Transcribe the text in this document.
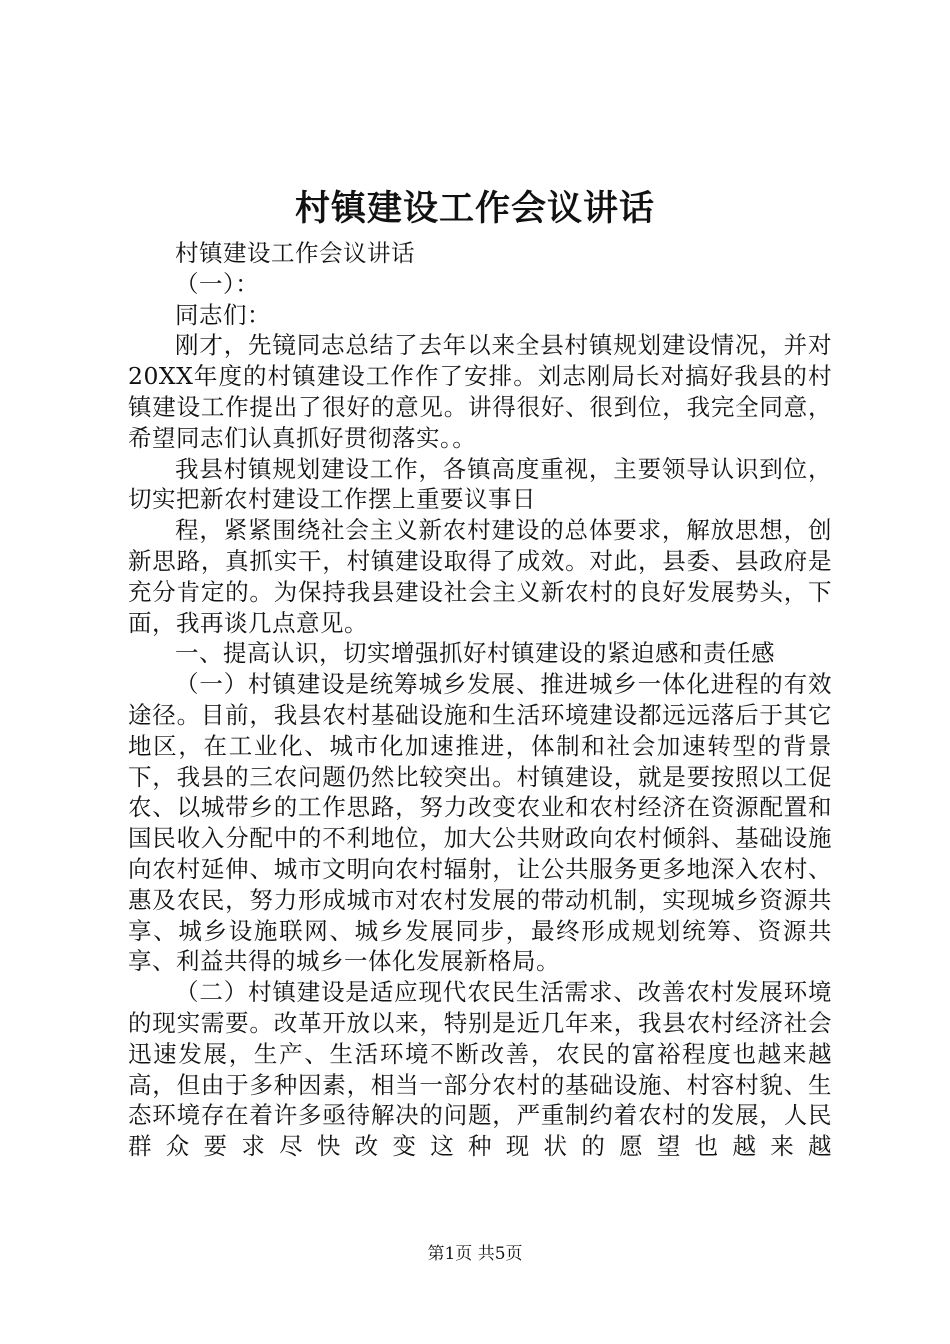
村镇建设工作会议讲话

村镇建设工作会议讲话

（一）：

同志们：

刚才，先镜同志总结了去年以来全县村镇规划建设情况，并对20XX年度的村镇建设工作作了安排。刘志刚局长对搞好我县的村镇建设工作提出了很好的意见。讲得很好、很到位，我完全同意，希望同志们认真抓好贯彻落实。。

我县村镇规划建设工作，各镇高度重视，主要领导认识到位，切实把新农村建设工作摆上重要议事日

程，紧紧围绕社会主义新农村建设的总体要求，解放思想，创新思路，真抓实干，村镇建设取得了成效。对此，县委、县政府是充分肯定的。为保持我县建设社会主义新农村的良好发展势头，下面，我再谈几点意见。

一、提高认识，切实增强抓好村镇建设的紧迫感和责任感

（一）村镇建设是统筹城乡发展、推进城乡一体化进程的有效途径。目前，我县农村基础设施和生活环境建设都远远落后于其它地区，在工业化、城市化加速推进，体制和社会加速转型的背景下，我县的三农问题仍然比较突出。村镇建设，就是要按照以工促农、以城带乡的工作思路，努力改变农业和农村经济在资源配置和国民收入分配中的不利地位，加大公共财政向农村倾斜、基础设施向农村延伸、城市文明向农村辐射，让公共服务更多地深入农村、惠及农民，努力形成城市对农村发展的带动机制，实现城乡资源共享、城乡设施联网、城乡发展同步，最终形成规划统筹、资源共享、利益共得的城乡一体化发展新格局。

（二）村镇建设是适应现代农民生活需求、改善农村发展环境的现实需要。改革开放以来，特别是近几年来，我县农村经济社会迅速发展，生产、生活环境不断改善，农民的富裕程度也越来越高，但由于多种因素，相当一部分农村的基础设施、村容村貌、生态环境存在着许多亟待解决的问题，严重制约着农村的发展，人民群众要求尽快改变这种现状的愿望也越来越

第1页 共5页
